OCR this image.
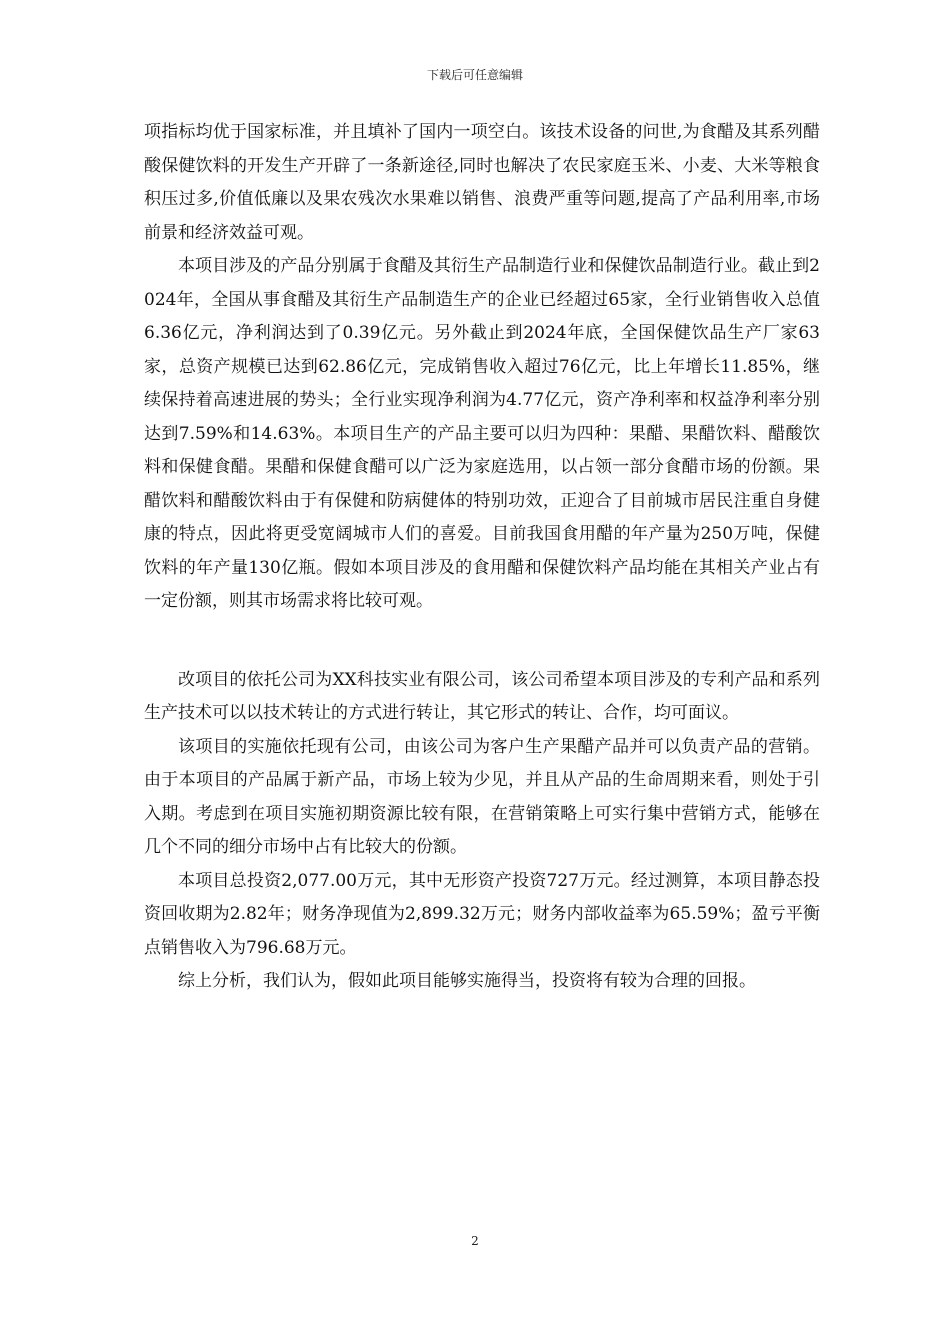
下载后可任意编辑

项指标均优于国家标准，并且填补了国内一项空白。该技术设备的问世,为食醋及其系列醋酸保健饮料的开发生产开辟了一条新途径,同时也解决了农民家庭玉米、小麦、大米等粮食积压过多,价值低廉以及果农残次水果难以销售、浪费严重等问题,提高了产品利用率,市场前景和经济效益可观。

本项目涉及的产品分别属于食醋及其衍生产品制造行业和保健饮品制造行业。截止到2024年，全国从事食醋及其衍生产品制造生产的企业已经超过65家，全行业销售收入总值6.36亿元，净利润达到了0.39亿元。另外截止到2024年底，全国保健饮品生产厂家63家，总资产规模已达到62.86亿元，完成销售收入超过76亿元，比上年增长11.85%，继续保持着高速进展的势头；全行业实现净利润为4.77亿元，资产净利率和权益净利率分别达到7.59%和14.63%。本项目生产的产品主要可以归为四种：果醋、果醋饮料、醋酸饮料和保健食醋。果醋和保健食醋可以广泛为家庭选用，以占领一部分食醋市场的份额。果醋饮料和醋酸饮料由于有保健和防病健体的特别功效，正迎合了目前城市居民注重自身健康的特点，因此将更受宽阔城市人们的喜爱。目前我国食用醋的年产量为250万吨，保健饮料的年产量130亿瓶。假如本项目涉及的食用醋和保健饮料产品均能在其相关产业占有一定份额，则其市场需求将比较可观。

改项目的依托公司为XX科技实业有限公司，该公司希望本项目涉及的专利产品和系列生产技术可以以技术转让的方式进行转让，其它形式的转让、合作，均可面议。

该项目的实施依托现有公司，由该公司为客户生产果醋产品并可以负责产品的营销。由于本项目的产品属于新产品，市场上较为少见，并且从产品的生命周期来看，则处于引入期。考虑到在项目实施初期资源比较有限，在营销策略上可实行集中营销方式，能够在几个不同的细分市场中占有比较大的份额。

本项目总投资2,077.00万元，其中无形资产投资727万元。经过测算，本项目静态投资回收期为2.82年；财务净现值为2,899.32万元；财务内部收益率为65.59%；盈亏平衡点销售收入为796.68万元。

综上分析，我们认为，假如此项目能够实施得当，投资将有较为合理的回报。

2
